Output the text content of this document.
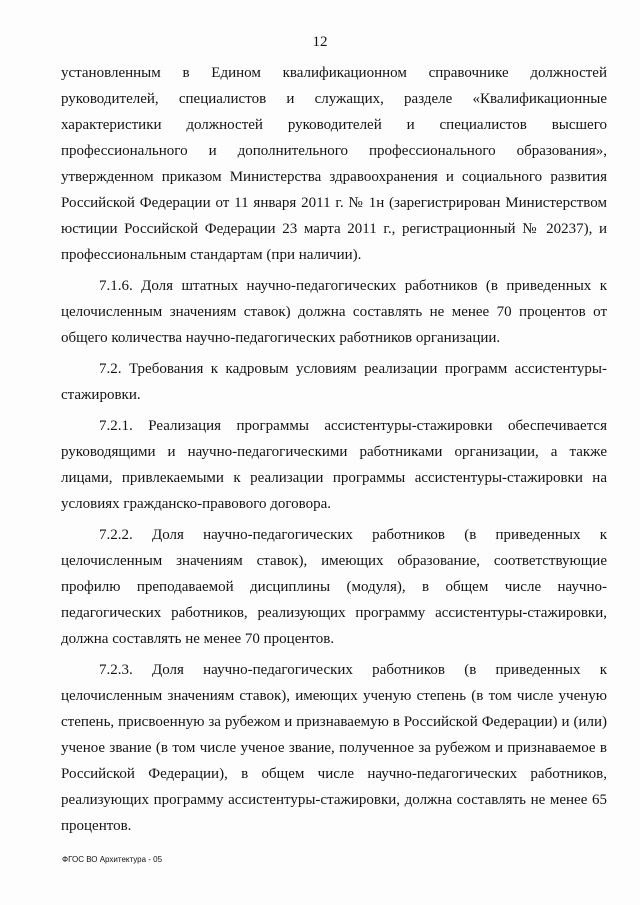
12

установленным в Едином квалификационном справочнике должностей руководителей, специалистов и служащих, разделе «Квалификационные характеристики должностей руководителей и специалистов высшего профессионального и дополнительного профессионального образования», утвержденном приказом Министерства здравоохранения и социального развития Российской Федерации от 11 января 2011 г. № 1н (зарегистрирован Министерством юстиции Российской Федерации 23 марта 2011 г., регистрационный № 20237), и профессиональным стандартам (при наличии).

7.1.6. Доля штатных научно-педагогических работников (в приведенных к целочисленным значениям ставок) должна составлять не менее 70 процентов от общего количества научно-педагогических работников организации.

7.2. Требования к кадровым условиям реализации программ ассистентуры-стажировки.

7.2.1. Реализация программы ассистентуры-стажировки обеспечивается руководящими и научно-педагогическими работниками организации, а также лицами, привлекаемыми к реализации программы ассистентуры-стажировки на условиях гражданско-правового договора.

7.2.2. Доля научно-педагогических работников (в приведенных к целочисленным значениям ставок), имеющих образование, соответствующие профилю преподаваемой дисциплины (модуля), в общем числе научно-педагогических работников, реализующих программу ассистентуры-стажировки, должна составлять не менее 70 процентов.

7.2.3. Доля научно-педагогических работников (в приведенных к целочисленным значениям ставок), имеющих ученую степень (в том числе ученую степень, присвоенную за рубежом и признаваемую в Российской Федерации) и (или) ученое звание (в том числе ученое звание, полученное за рубежом и признаваемое в Российской Федерации), в общем числе научно-педагогических работников, реализующих программу ассистентуры-стажировки, должна составлять не менее 65 процентов.

ФГОС ВО Архитектура - 05
